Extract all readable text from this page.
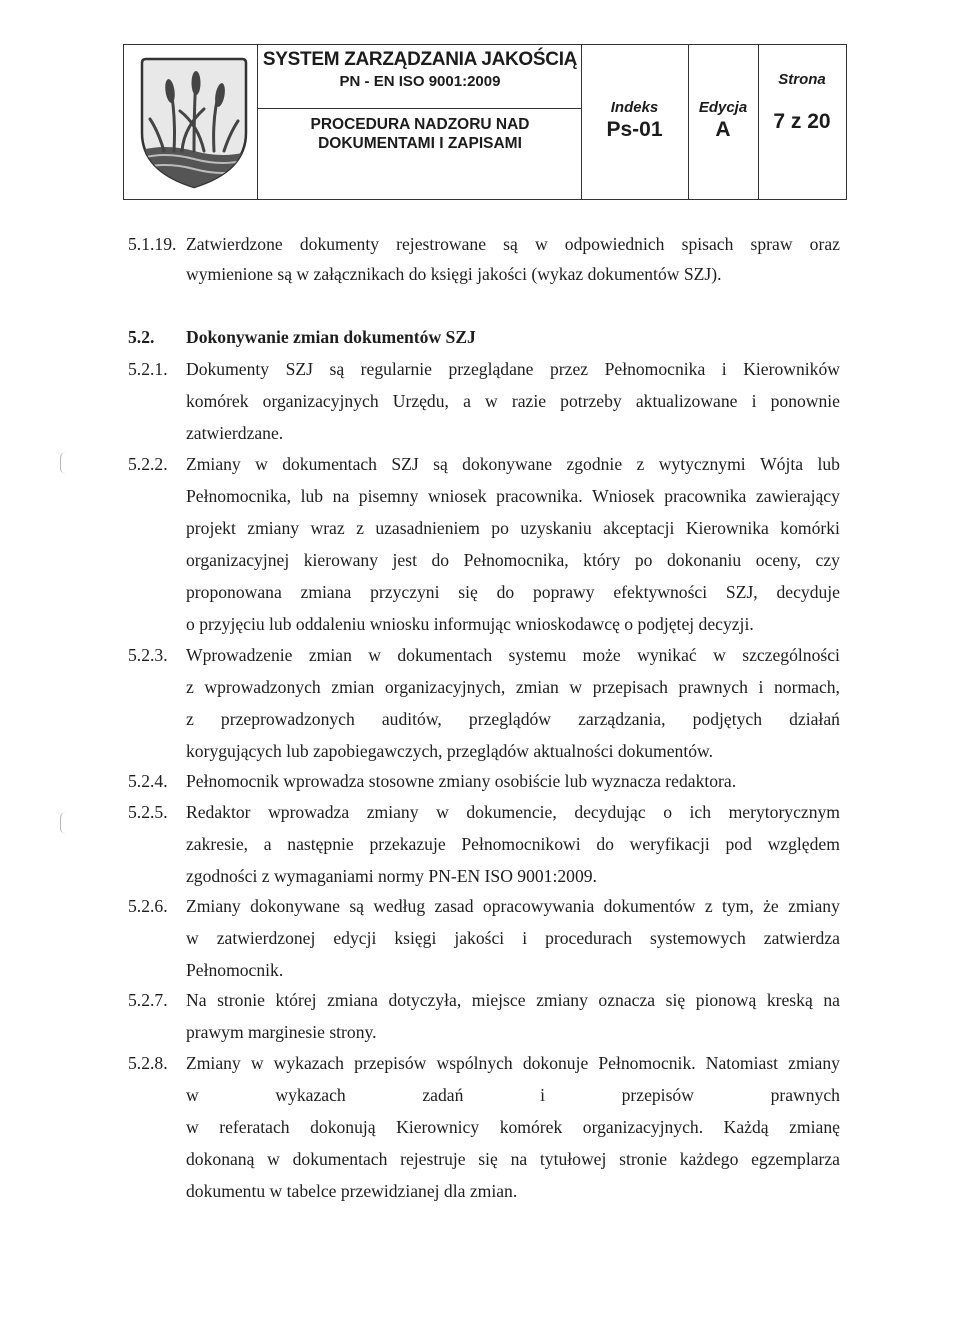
SYSTEM ZARZĄDZANIA JAKOŚCIĄ
PN - EN ISO 9001:2009
PROCEDURA NADZORU NAD
DOKUMENTAMI I ZAPISAMI
Indeks
Ps-01
Edycja
A
Strona
7 z 20
5.1.19. Zatwierdzone dokumenty rejestrowane są w odpowiednich spisach spraw oraz
wymienione są w załącznikach do księgi jakości (wykaz dokumentów SZJ).
5.2. Dokonywanie zmian dokumentów SZJ
5.2.1. Dokumenty SZJ są regularnie przeglądane przez Pełnomocnika i Kierowników
komórek organizacyjnych Urzędu, a w razie potrzeby aktualizowane i ponownie
zatwierdzane.
5.2.2. Zmiany w dokumentach SZJ są dokonywane zgodnie z wytycznymi Wójta lub
Pełnomocnika, lub na pisemny wniosek pracownika. Wniosek pracownika zawierający
projekt zmiany wraz z uzasadnieniem po uzyskaniu akceptacji Kierownika komórki
organizacyjnej kierowany jest do Pełnomocnika, który po dokonaniu oceny, czy
proponowana zmiana przyczyni się do poprawy efektywności SZJ, decyduje
o przyjęciu lub oddaleniu wniosku informując wnioskodawcę o podjętej decyzji.
5.2.3. Wprowadzenie zmian w dokumentach systemu może wynikać w szczególności
z wprowadzonych zmian organizacyjnych, zmian w przepisach prawnych i normach,
z przeprowadzonych auditów, przeglądów zarządzania, podjętych działań
korygujących lub zapobiegawczych, przeglądów aktualności dokumentów.
5.2.4. Pełnomocnik wprowadza stosowne zmiany osobiście lub wyznacza redaktora.
5.2.5. Redaktor wprowadza zmiany w dokumencie, decydując o ich merytorycznym
zakresie, a następnie przekazuje Pełnomocnikowi do weryfikacji pod względem
zgodności z wymaganiami normy PN-EN ISO 9001:2009.
5.2.6. Zmiany dokonywane są według zasad opracowywania dokumentów z tym, że zmiany
w zatwierdzonej edycji księgi jakości i procedurach systemowych zatwierdza
Pełnomocnik.
5.2.7. Na stronie której zmiana dotyczyła, miejsce zmiany oznacza się pionową kreską na
prawym marginesie strony.
5.2.8. Zmiany w wykazach przepisów wspólnych dokonuje Pełnomocnik. Natomiast zmiany
w	wykazach	zadań	i	przepisów	prawnych
w referatach dokonują Kierownicy komórek organizacyjnych. Każdą zmianę
dokonaną w dokumentach rejestruje się na tytułowej stronie każdego egzemplarza
dokumentu w tabelce przewidzianej dla zmian.
